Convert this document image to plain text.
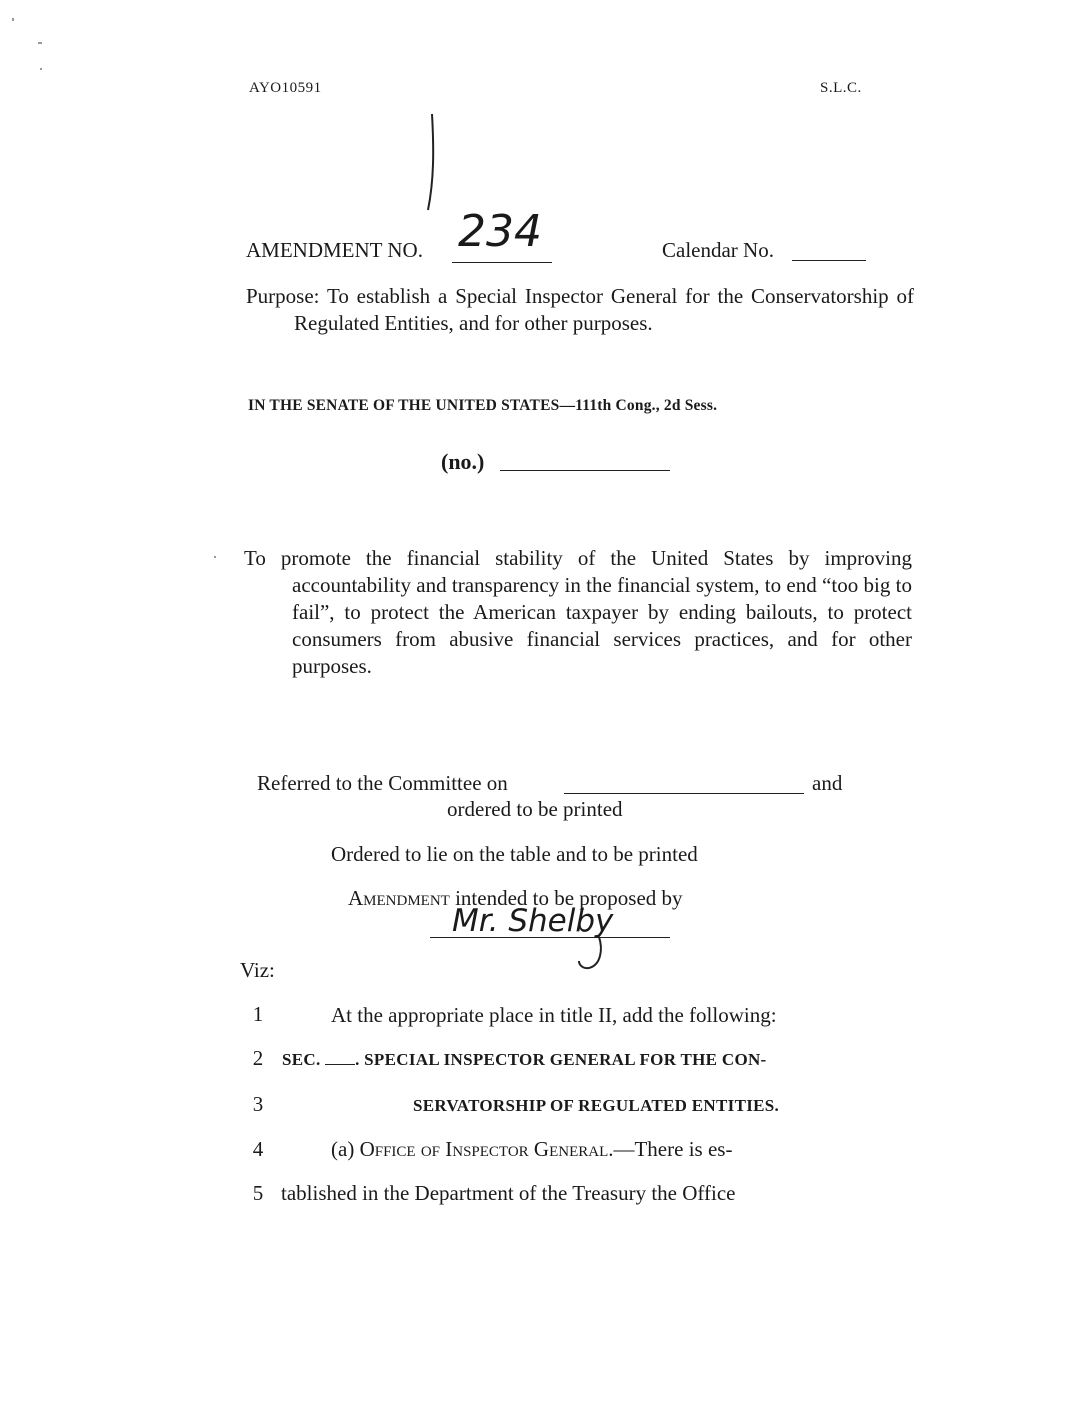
AYO10591	S.L.C.
AMENDMENT NO. 234	Calendar No.
Purpose: To establish a Special Inspector General for the Conservatorship of Regulated Entities, and for other purposes.
IN THE SENATE OF THE UNITED STATES—111th Cong., 2d Sess.
(no.)
To promote the financial stability of the United States by improving accountability and transparency in the financial system, to end “too big to fail”, to protect the American taxpayer by ending bailouts, to protect consumers from abusive financial services practices, and for other purposes.
Referred to the Committee on	and
ordered to be printed
Ordered to lie on the table and to be printed
Amendment intended to be proposed by
Mr. Shelby
Viz:
1	At the appropriate place in title II, add the following:
2 SEC. . SPECIAL INSPECTOR GENERAL FOR THE CON-
3	SERVATORSHIP OF REGULATED ENTITIES.
4	(a) Office of Inspector General.—There is es-
5 tablished in the Department of the Treasury the Office
